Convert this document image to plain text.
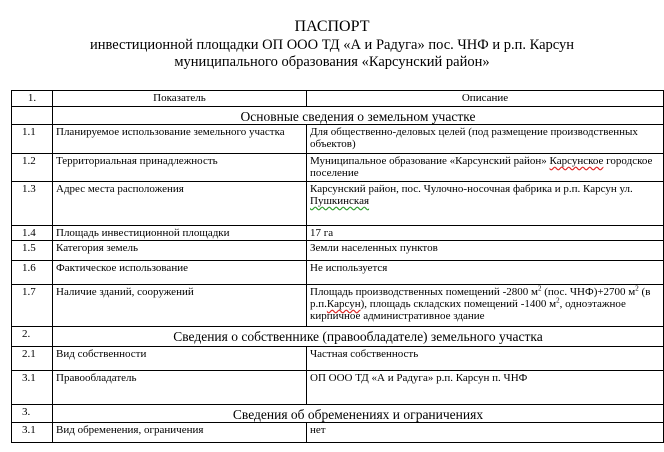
ПАСПОРТ
инвестиционной площадки ОП ООО ТД «А и Радуга» пос. ЧНФ и р.п. Карсун
муниципального образования «Карсунский район»
1.	Показатель	Описание
	Основные сведения о земельном участке	
1.1	Планируемое использование земельного участка	Для общественно-деловых целей (под размещение производственных объектов)
1.2	Территориальная принадлежность	Муниципальное образование «Карсунский район» Карсунское городское поселение
1.3	Адрес места расположения	Карсунский район, пос. Чулочно-носочная фабрика и р.п. Карсун ул. Пушкинская
1.4	Площадь инвестиционной площадки	17 га
1.5	Категория земель	Земли населенных пунктов
1.6	Фактическое использование	Не используется
1.7	Наличие зданий, сооружений	Площадь производственных помещений -2800 $м^2$ (пос. ЧНФ)+2700 $м^2$ (в р.п.Карсун), площадь складских помещений -1400 $м^2$, одноэтажное кирпичное административное здание
2.	Сведения о собственнике (правообладателе) земельного участка	
2.1	Вид собственности	Частная собственность
3.1	Правообладатель	ОП ООО ТД «А и Радуга» р.п. Карсун п. ЧНФ
3.	Сведения об обременениях и ограничениях	
3.1	Вид обременения, ограничения	нет
